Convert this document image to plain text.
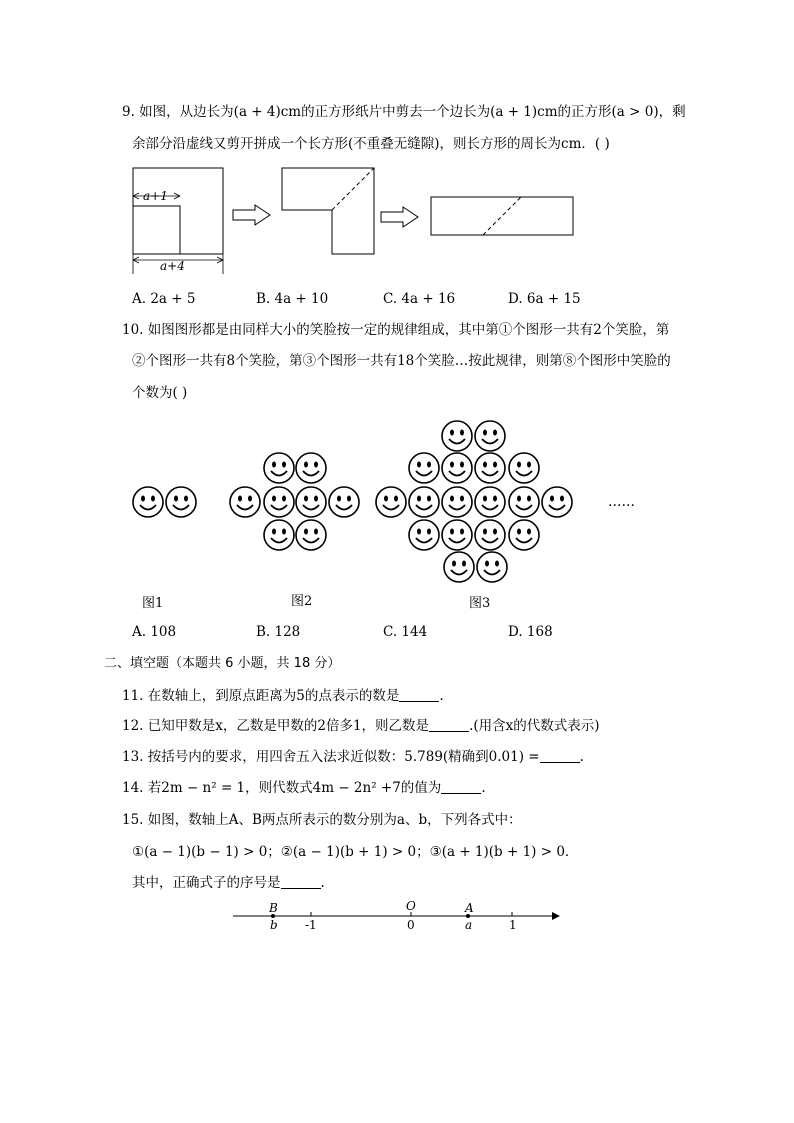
9. 如图，从边长为(a + 4)cm的正方形纸片中剪去一个边长为(a + 1)cm的正方形(a > 0)，剩
余部分沿虚线又剪开拼成一个长方形(不重叠无缝隙)，则长方形的周长为cm．( )
a+1
a+4
A. 2a + 5	B. 4a + 10	C. 4a + 16	D. 6a + 15
10. 如图图形都是由同样大小的笑脸按一定的规律组成，其中第①个图形一共有2个笑脸，第
②个图形一共有8个笑脸，第③个图形一共有18个笑脸…按此规律，则第⑧个图形中笑脸的
个数为( )
图1	图2	图3
……
A. 108	B. 128	C. 144	D. 168
二、填空题（本题共 6 小题，共 18 分）
11. 在数轴上，到原点距离为5的点表示的数是	.
12. 已知甲数是x，乙数是甲数的2倍多1，则乙数是	.(用含x的代数式表示)
13. 按括号内的要求，用四舍五入法求近似数：5.789(精确到0.01) =	.
14. 若2m − n² = 1，则代数式4m − 2n² +7的值为	.
15. 如图，数轴上A、B两点所表示的数分别为a、b，下列各式中：
①(a − 1)(b − 1) > 0；②(a − 1)(b + 1) > 0；③(a + 1)(b + 1) > 0．
其中，正确式子的序号是	.
B
b -1
O
0
A
a	1
